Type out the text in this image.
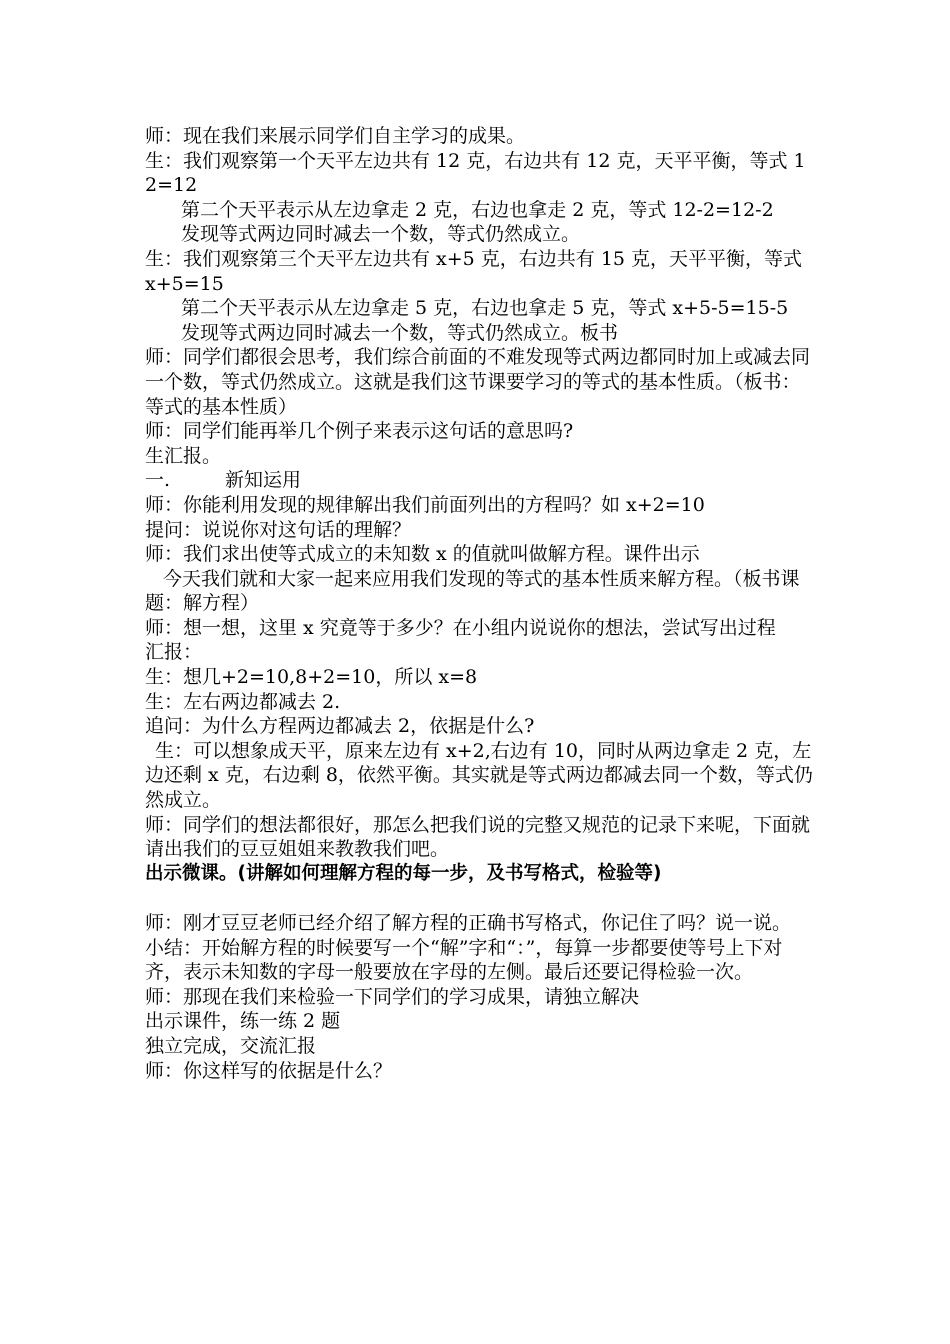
师：现在我们来展示同学们自主学习的成果。

生：我们观察第一个天平左边共有 12 克，右边共有 12 克，天平平衡，等式 12=12

第二个天平表示从左边拿走 2 克，右边也拿走 2 克，等式 12-2=12-2

发现等式两边同时减去一个数，等式仍然成立。

生：我们观察第三个天平左边共有 x+5 克，右边共有 15 克，天平平衡，等式 x+5=15

第二个天平表示从左边拿走 5 克，右边也拿走 5 克，等式 x+5-5=15-5

发现等式两边同时减去一个数，等式仍然成立。板书

师：同学们都很会思考，我们综合前面的不难发现等式两边都同时加上或减去同一个数，等式仍然成立。这就是我们这节课要学习的等式的基本性质。（板书：等式的基本性质）

师：同学们能再举几个例子来表示这句话的意思吗?

生汇报。

一.	新知运用

师：你能利用发现的规律解出我们前面列出的方程吗？如 x+2=10

提问：说说你对这句话的理解？

师：我们求出使等式成立的未知数 x 的值就叫做解方程。课件出示

今天我们就和大家一起来应用我们发现的等式的基本性质来解方程。（板书课题：解方程）

师：想一想，这里 x 究竟等于多少？在小组内说说你的想法，尝试写出过程

汇报：

生：想几+2=10,8+2=10，所以 x=8

生：左右两边都减去 2.

追问：为什么方程两边都减去 2，依据是什么?

生：可以想象成天平，原来左边有 x+2,右边有 10，同时从两边拿走 2 克，左边还剩 x 克，右边剩 8，依然平衡。其实就是等式两边都减去同一个数，等式仍然成立。

师：同学们的想法都很好，那怎么把我们说的完整又规范的记录下来呢，下面就请出我们的豆豆姐姐来教教我们吧。

出示微课。(讲解如何理解方程的每一步，及书写格式，检验等)

师：刚才豆豆老师已经介绍了解方程的正确书写格式，你记住了吗？说一说。

小结：开始解方程的时候要写一个“解”字和“：”，每算一步都要使等号上下对齐，表示未知数的字母一般要放在字母的左侧。最后还要记得检验一次。

师：那现在我们来检验一下同学们的学习成果，请独立解决

出示课件，练一练 2 题

独立完成，交流汇报

师：你这样写的依据是什么？
